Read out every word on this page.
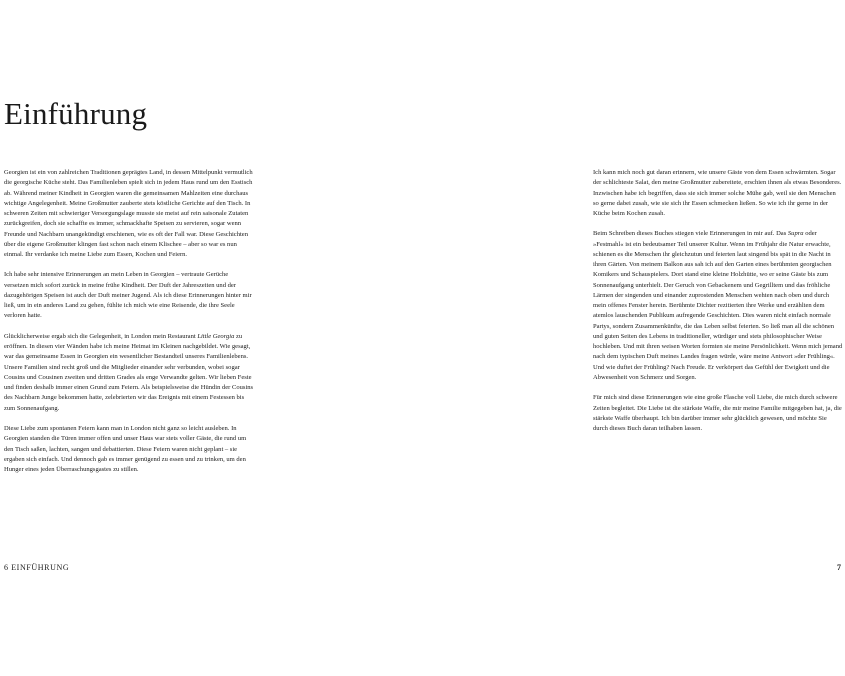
Einführung

Georgien ist ein von zahlreichen Traditionen geprägtes Land, in dessen Mittelpunkt vermutlich die georgische Küche steht. Das Familienleben spielt sich in jedem Haus rund um den Esstisch ab. Während meiner Kindheit in Georgien waren die gemeinsamen Mahlzeiten eine durchaus wichtige Angelegenheit. Meine Großmutter zauberte stets köstliche Gerichte auf den Tisch. In schweren Zeiten mit schwieriger Versorgungslage musste sie meist auf rein saisonale Zutaten zurückgreifen, doch sie schaffte es immer, schmackhafte Speisen zu servieren, sogar wenn Freunde und Nachbarn unangekündigt erschienen, wie es oft der Fall war. Diese Geschichten über die eigene Großmutter klingen fast schon nach einem Klischee – aber so war es nun einmal. Ihr verdanke ich meine Liebe zum Essen, Kochen und Feiern.

Ich habe sehr intensive Erinnerungen an mein Leben in Georgien – vertraute Gerüche versetzen mich sofort zurück in meine frühe Kindheit. Der Duft der Jahreszeiten und der dazugehörigen Speisen ist auch der Duft meiner Jugend. Als ich diese Erinnerungen hinter mir ließ, um in ein anderes Land zu gehen, fühlte ich mich wie eine Reisende, die ihre Seele verloren hatte.

Glücklicherweise ergab sich die Gelegenheit, in London mein Restaurant Little Georgia zu eröffnen. In diesen vier Wänden habe ich meine Heimat im Kleinen nachgebildet. Wie gesagt, war das gemeinsame Essen in Georgien ein wesentlicher Bestandteil unseres Familienlebens. Unsere Familien sind recht groß und die Mitglieder einander sehr verbunden, wobei sogar Cousins und Cousinen zweiten und dritten Grades als enge Verwandte gelten. Wir lieben Feste und finden deshalb immer einen Grund zum Feiern. Als beispielsweise die Hündin der Cousins des Nachbarn Junge bekommen hatte, zelebrierten wir das Ereignis mit einem Festessen bis zum Sonnenaufgang.

Diese Liebe zum spontanen Feiern kann man in London nicht ganz so leicht ausleben. In Georgien standen die Türen immer offen und unser Haus war stets voller Gäste, die rund um den Tisch saßen, lachten, sangen und debattierten. Diese Feiern waren nicht geplant – sie ergaben sich einfach. Und dennoch gab es immer genügend zu essen und zu trinken, um den Hunger eines jeden Überraschungsgastes zu stillen.

Ich kann mich noch gut daran erinnern, wie unsere Gäste von dem Essen schwärmten. Sogar der schlichteste Salat, den meine Großmutter zubereitete, erschien ihnen als etwas Besonderes. Inzwischen habe ich begriffen, dass sie sich immer solche Mühe gab, weil sie den Menschen so gerne dabei zusah, wie sie sich ihr Essen schmecken ließen. So wie ich ihr gerne in der Küche beim Kochen zusah.

Beim Schreiben dieses Buches stiegen viele Erinnerungen in mir auf. Das Supra oder »Festmahl« ist ein bedeutsamer Teil unserer Kultur. Wenn im Frühjahr die Natur erwachte, schienen es die Menschen ihr gleichzutun und feierten laut singend bis spät in die Nacht in ihren Gärten. Von meinem Balkon aus sah ich auf den Garten eines berühmten georgischen Komikers und Schauspielers. Dort stand eine kleine Holzhütte, wo er seine Gäste bis zum Sonnenaufgang unterhielt. Der Geruch von Gebackenem und Gegrilltem und das fröhliche Lärmen der singenden und einander zuprostenden Menschen wehten nach oben und durch mein offenes Fenster herein. Berühmte Dichter rezitierten ihre Werke und erzählten dem atemlos lauschenden Publikum aufregende Geschichten. Dies waren nicht einfach normale Partys, sondern Zusammenkünfte, die das Leben selbst feierten. So ließ man all die schönen und guten Seiten des Lebens in traditioneller, würdiger und stets philosophischer Weise hochleben. Und mit ihren weisen Worten formten sie meine Persönlichkeit. Wenn mich jemand nach dem typischen Duft meines Landes fragen würde, wäre meine Antwort »der Frühling«. Und wie duftet der Frühling? Nach Freude. Er verkörpert das Gefühl der Ewigkeit und die Abwesenheit von Schmerz und Sorgen.

Für mich sind diese Erinnerungen wie eine große Flasche voll Liebe, die mich durch schwere Zeiten begleitet. Die Liebe ist die stärkste Waffe, die mir meine Familie mitgegeben hat, ja, die stärkste Waffe überhaupt. Ich bin darüber immer sehr glücklich gewesen, und möchte Sie durch dieses Buch daran teilhaben lassen.

6 EINFÜHRUNG	7
